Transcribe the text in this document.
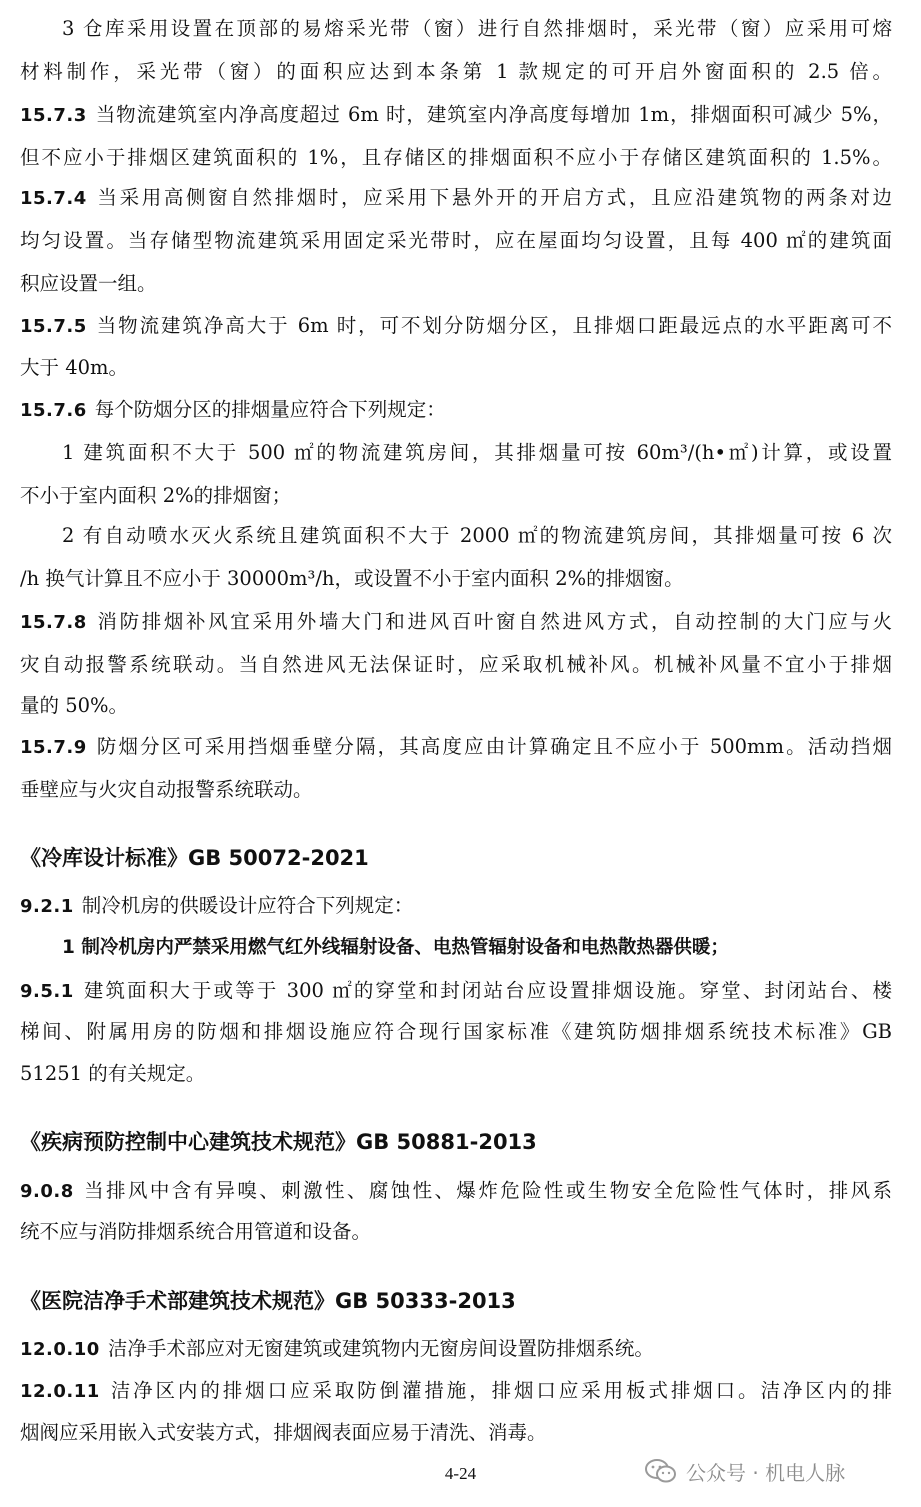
3 仓库采用设置在顶部的易熔采光带（窗）进行自然排烟时，采光带（窗）应采用可熔
材料制作，采光带（窗）的面积应达到本条第 1 款规定的可开启外窗面积的 2.5 倍。
15.7.3 当物流建筑室内净高度超过 6m 时，建筑室内净高度每增加 1m，排烟面积可减少 5%，
但不应小于排烟区建筑面积的 1%，且存储区的排烟面积不应小于存储区建筑面积的 1.5%。
15.7.4 当采用高侧窗自然排烟时，应采用下悬外开的开启方式，且应沿建筑物的两条对边
均匀设置。当存储型物流建筑采用固定采光带时，应在屋面均匀设置，且每 400 ㎡的建筑面
积应设置一组。
15.7.5 当物流建筑净高大于 6m 时，可不划分防烟分区，且排烟口距最远点的水平距离可不
大于 40m。
15.7.6 每个防烟分区的排烟量应符合下列规定：
1 建筑面积不大于 500 ㎡的物流建筑房间，其排烟量可按 60m³/(h•㎡)计算，或设置
不小于室内面积 2%的排烟窗；
2 有自动喷水灭火系统且建筑面积不大于 2000 ㎡的物流建筑房间，其排烟量可按 6 次
/h 换气计算且不应小于 30000m³/h，或设置不小于室内面积 2%的排烟窗。
15.7.8 消防排烟补风宜采用外墙大门和进风百叶窗自然进风方式，自动控制的大门应与火
灾自动报警系统联动。当自然进风无法保证时，应采取机械补风。机械补风量不宜小于排烟
量的 50%。
15.7.9 防烟分区可采用挡烟垂壁分隔，其高度应由计算确定且不应小于 500mm。活动挡烟
垂壁应与火灾自动报警系统联动。
《冷库设计标准》GB 50072-2021
9.2.1 制冷机房的供暖设计应符合下列规定：
1 制冷机房内严禁采用燃气红外线辐射设备、电热管辐射设备和电热散热器供暖；
9.5.1 建筑面积大于或等于 300 ㎡的穿堂和封闭站台应设置排烟设施。穿堂、封闭站台、楼
梯间、附属用房的防烟和排烟设施应符合现行国家标准《建筑防烟排烟系统技术标准》GB
51251 的有关规定。
《疾病预防控制中心建筑技术规范》GB 50881-2013
9.0.8 当排风中含有异嗅、刺激性、腐蚀性、爆炸危险性或生物安全危险性气体时，排风系
统不应与消防排烟系统合用管道和设备。
《医院洁净手术部建筑技术规范》GB 50333-2013
12.0.10 洁净手术部应对无窗建筑或建筑物内无窗房间设置防排烟系统。
12.0.11 洁净区内的排烟口应采取防倒灌措施，排烟口应采用板式排烟口。洁净区内的排
烟阀应采用嵌入式安装方式，排烟阀表面应易于清洗、消毒。
4-24	公众号 · 机电人脉
